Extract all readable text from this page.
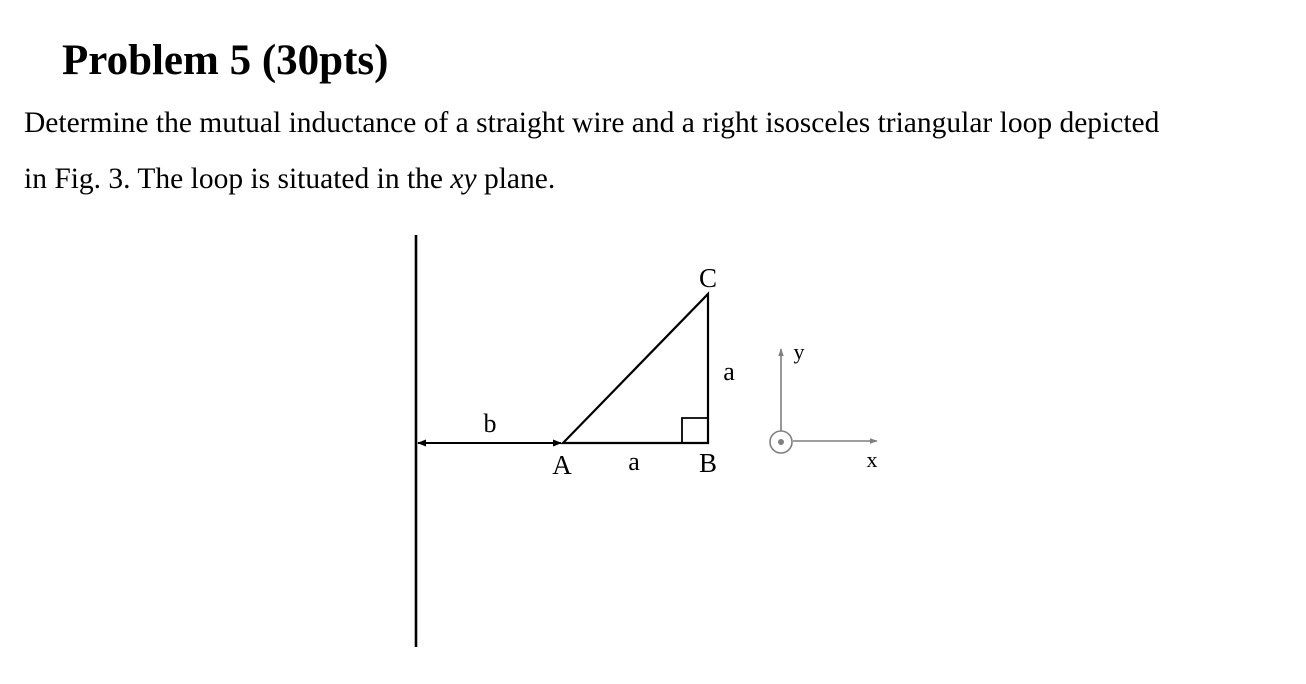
Problem 5 (30pts)
Determine the mutual inductance of a straight wire and a right isosceles triangular loop depicted
in Fig. 3. The loop is situated in the xy plane.
b
A	B
C
a
a
y
x
